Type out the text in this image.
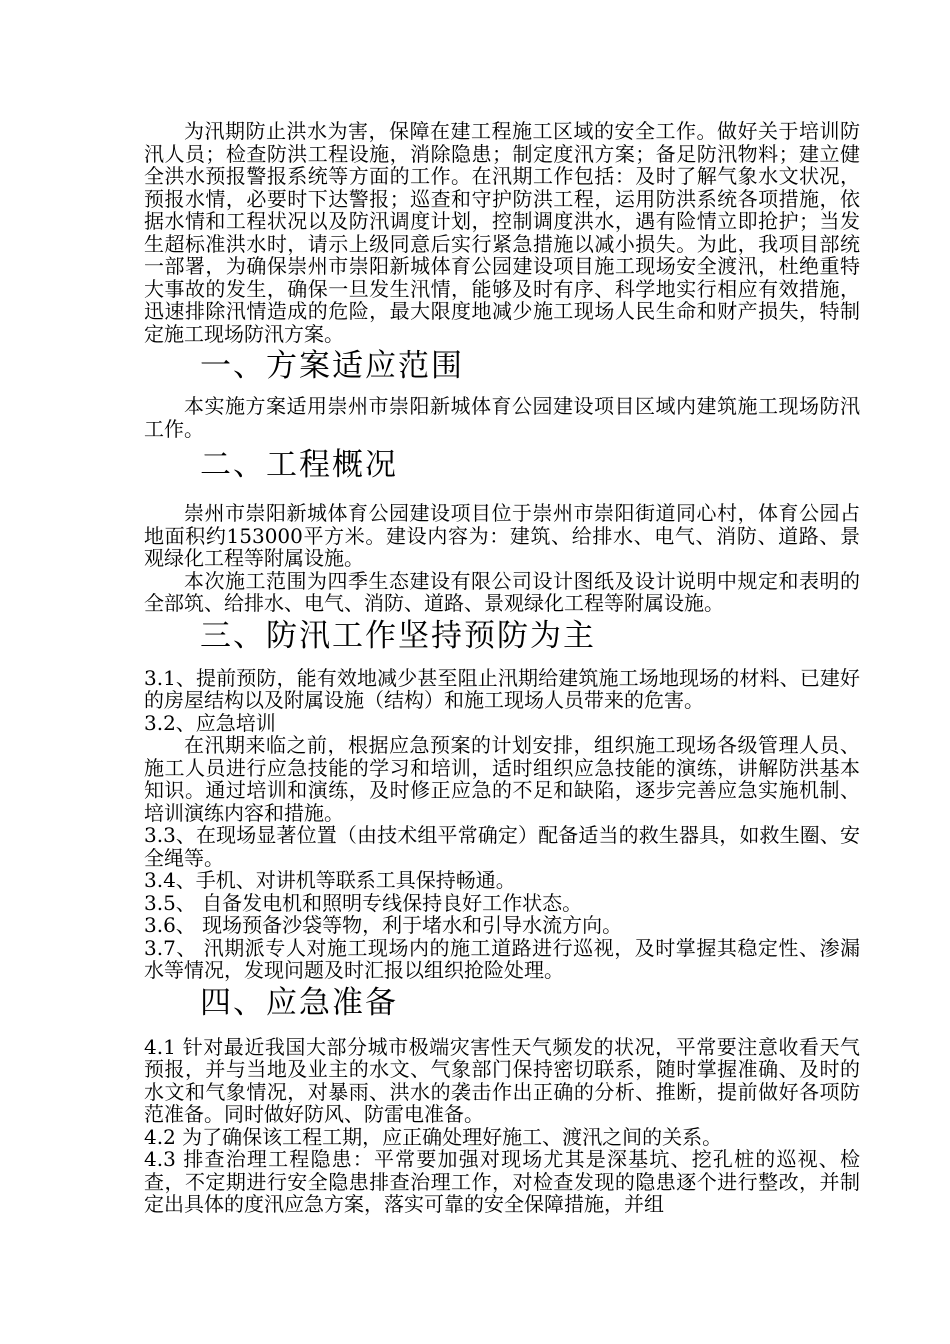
为汛期防止洪水为害，保障在建工程施工区域的安全工作。做好关于培训防汛人员；检查防洪工程设施，消除隐患；制定度汛方案；备足防汛物料；建立健全洪水预报警报系统等方面的工作。在汛期工作包括：及时了解气象水文状况，预报水情，必要时下达警报；巡查和守护防洪工程，运用防洪系统各项措施，依据水情和工程状况以及防汛调度计划，控制调度洪水，遇有险情立即抢护；当发生超标准洪水时，请示上级同意后实行紧急措施以减小损失。为此，我项目部统一部署，为确保崇州市崇阳新城体育公园建设项目施工现场安全渡汛，杜绝重特大事故的发生，确保一旦发生汛情，能够及时有序、科学地实行相应有效措施，迅速排除汛情造成的危险，最大限度地减少施工现场人民生命和财产损失，特制定施工现场防汛方案。

一、方案适应范围

本实施方案适用崇州市崇阳新城体育公园建设项目区域内建筑施工现场防汛工作。

二、工程概况

崇州市崇阳新城体育公园建设项目位于崇州市崇阳街道同心村，体育公园占地面积约153000平方米。建设内容为：建筑、给排水、电气、消防、道路、景观绿化工程等附属设施。

本次施工范围为四季生态建设有限公司设计图纸及设计说明中规定和表明的全部筑、给排水、电气、消防、道路、景观绿化工程等附属设施。

三、防汛工作坚持预防为主

3.1、提前预防，能有效地减少甚至阻止汛期给建筑施工场地现场的材料、已建好的房屋结构以及附属设施（结构）和施工现场人员带来的危害。

3.2、应急培训

在汛期来临之前，根据应急预案的计划安排，组织施工现场各级管理人员、施工人员进行应急技能的学习和培训，适时组织应急技能的演练，讲解防洪基本知识。通过培训和演练，及时修正应急的不足和缺陷，逐步完善应急实施机制、培训演练内容和措施。

3.3、在现场显著位置（由技术组平常确定）配备适当的救生器具，如救生圈、安全绳等。

3.4、手机、对讲机等联系工具保持畅通。

3.5、 自备发电机和照明专线保持良好工作状态。

3.6、 现场预备沙袋等物，利于堵水和引导水流方向。

3.7、 汛期派专人对施工现场内的施工道路进行巡视，及时掌握其稳定性、渗漏水等情况，发现问题及时汇报以组织抢险处理。

四、应急准备

4.1 针对最近我国大部分城市极端灾害性天气频发的状况，平常要注意收看天气预报，并与当地及业主的水文、气象部门保持密切联系，随时掌握准确、及时的水文和气象情况，对暴雨、洪水的袭击作出正确的分析、推断，提前做好各项防范准备。同时做好防风、防雷电准备。

4.2 为了确保该工程工期，应正确处理好施工、渡汛之间的关系。

4.3 排查治理工程隐患：平常要加强对现场尤其是深基坑、挖孔桩的巡视、检查，不定期进行安全隐患排查治理工作，对检查发现的隐患逐个进行整改，并制定出具体的度汛应急方案，落实可靠的安全保障措施，并组
